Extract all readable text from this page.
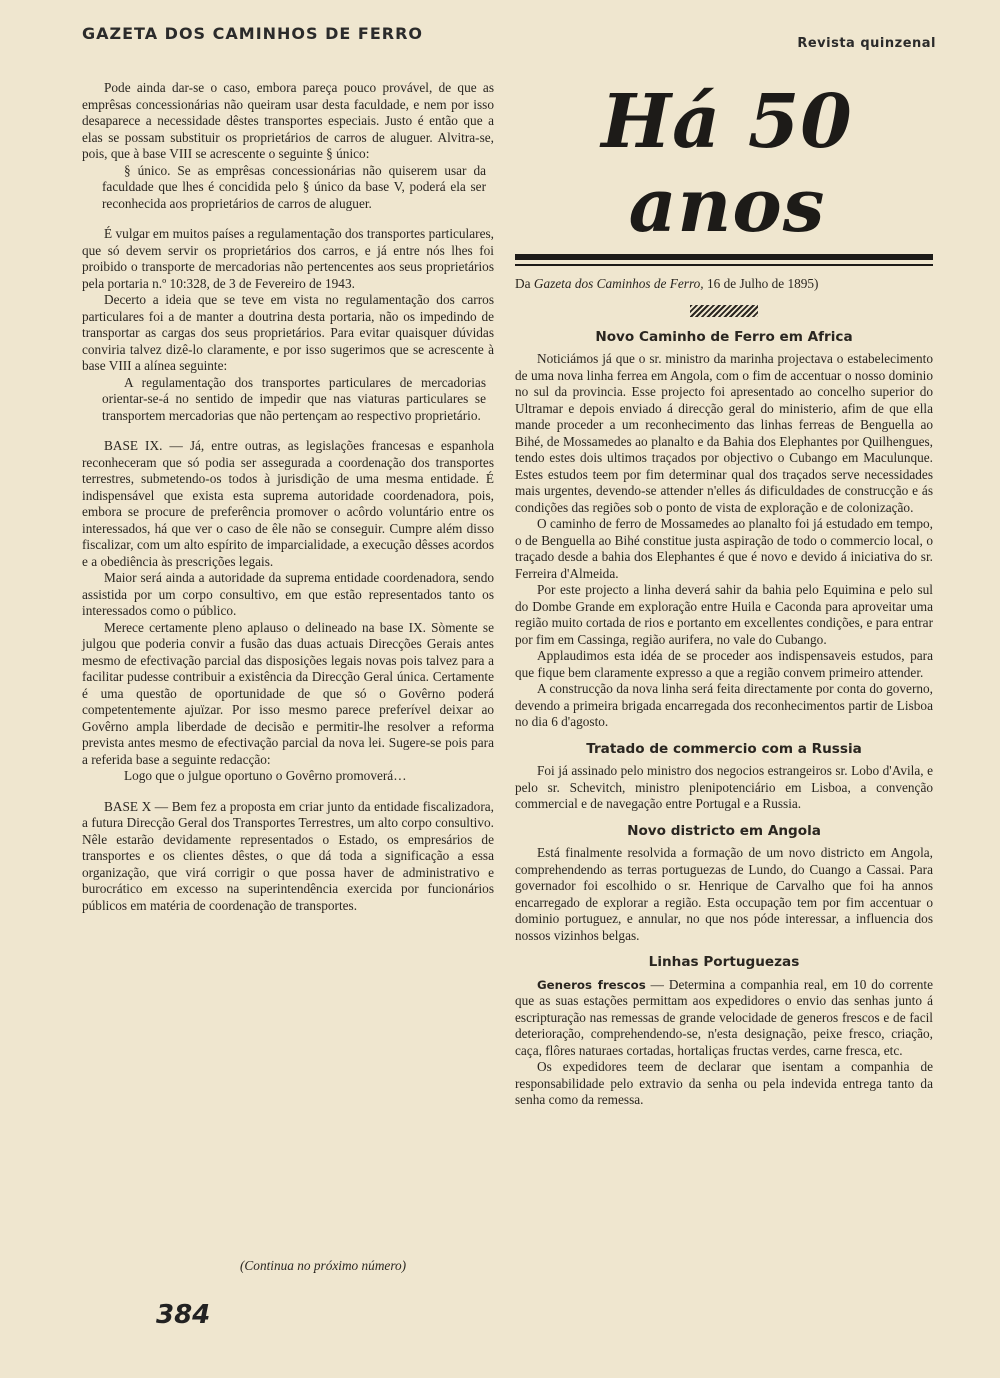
GAZETA DOS CAMINHOS DE FERRO
Revista quinzenal

Pode ainda dar-se o caso, embora pareça pouco provável, de que as emprêsas concessionárias não queiram usar desta faculdade, e nem por isso desaparece a necessidade dêstes transportes especiais. Justo é então que a elas se possam substituir os proprietários de carros de aluguer. Alvitra-se, pois, que à base VIII se acrescente o seguinte § único:

§ único. Se as emprêsas concessionárias não quiserem usar da faculdade que lhes é concidida pelo § único da base V, poderá ela ser reconhecida aos proprietários de carros de aluguer.

É vulgar em muitos países a regulamentação dos transportes particulares, que só devem servir os proprietários dos carros, e já entre nós lhes foi proibido o transporte de mercadorias não pertencentes aos seus proprietários pela portaria n.º 10:328, de 3 de Fevereiro de 1943.

Decerto a ideia que se teve em vista no regulamentação dos carros particulares foi a de manter a doutrina desta portaria, não os impedindo de transportar as cargas dos seus proprietários. Para evitar quaisquer dúvidas conviria talvez dizê-lo claramente, e por isso sugerimos que se acrescente à base VIII a alínea seguinte:

A regulamentação dos transportes particulares de mercadorias orientar-se-á no sentido de impedir que nas viaturas particulares se transportem mercadorias que não pertençam ao respectivo proprietário.

BASE IX. — Já, entre outras, as legislações francesas e espanhola reconheceram que só podia ser assegurada a coordenação dos transportes terrestres, submetendo-os todos à jurisdição de uma mesma entidade. É indispensável que exista esta suprema autoridade coordenadora, pois, embora se procure de preferência promover o acôrdo voluntário entre os interessados, há que ver o caso de êle não se conseguir. Cumpre além disso fiscalizar, com um alto espírito de imparcialidade, a execução dêsses acordos e a obediência às prescrições legais.

Maior será ainda a autoridade da suprema entidade coordenadora, sendo assistida por um corpo consultivo, em que estão representados tanto os interessados como o público.

Merece certamente pleno aplauso o delineado na base IX. Sòmente se julgou que poderia convir a fusão das duas actuais Direcções Gerais antes mesmo de efectivação parcial das disposições legais novas pois talvez para a facilitar pudesse contribuir a existência da Direcção Geral única. Certamente é uma questão de oportunidade de que só o Govêrno poderá competentemente ajuïzar. Por isso mesmo parece preferível deixar ao Govêrno ampla liberdade de decisão e permitir-lhe resolver a reforma prevista antes mesmo de efectivação parcial da nova lei. Sugere-se pois para a referida base a seguinte redacção:

Logo que o julgue oportuno o Govêrno promoverá…

BASE X — Bem fez a proposta em criar junto da entidade fiscalizadora, a futura Direcção Geral dos Transportes Terrestres, um alto corpo consultivo. Nêle estarão devidamente representados o Estado, os empresários de transportes e os clientes dêstes, o que dá toda a significação a essa organização, que virá corrigir o que possa haver de administrativo e burocrático em excesso na superintendência exercida por funcionários públicos em matéria de coordenação de transportes.

(Continua no próximo número)
Há 50 anos

Da Gazeta dos Caminhos de Ferro, 16 de Julho de 1895)

Novo Caminho de Ferro em Africa

Noticiámos já que o sr. ministro da marinha projectava o estabelecimento de uma nova linha ferrea em Angola, com o fim de accentuar o nosso dominio no sul da provincia. Esse projecto foi apresentado ao concelho superior do Ultramar e depois enviado á direcção geral do ministerio, afim de que ella mande proceder a um reconhecimento das linhas ferreas de Benguella ao Bihé, de Mossamedes ao planalto e da Bahia dos Elephantes por Quilhengues, tendo estes dois ultimos traçados por objectivo o Cubango em Maculunque. Estes estudos teem por fim determinar qual dos traçados serve necessidades mais urgentes, devendo-se attender n'elles ás dificuldades de construcção e ás condições das regiões sob o ponto de vista de exploração e de colonização.

O caminho de ferro de Mossamedes ao planalto foi já estudado em tempo, o de Benguella ao Bihé constitue justa aspiração de todo o commercio local, o traçado desde a bahia dos Elephantes é que é novo e devido á iniciativa do sr. Ferreira d'Almeida.

Por este projecto a linha deverá sahir da bahia pelo Equimina e pelo sul do Dombe Grande em exploração entre Huila e Caconda para aproveitar uma região muito cortada de rios e portanto em excellentes condições, e para entrar por fim em Cassinga, região aurifera, no vale do Cubango.

Applaudimos esta idéa de se proceder aos indispensaveis estudos, para que fique bem claramente expresso a que a região convem primeiro attender.

A construcção da nova linha será feita directamente por conta do governo, devendo a primeira brigada encarregada dos reconhecimentos partir de Lisboa no dia 6 d'agosto.

Tratado de commercio com a Russia

Foi já assinado pelo ministro dos negocios estrangeiros sr. Lobo d'Avila, e pelo sr. Schevitch, ministro plenipotenciário em Lisboa, a convenção commercial e de navegação entre Portugal e a Russia.

Novo districto em Angola

Está finalmente resolvida a formação de um novo districto em Angola, comprehendendo as terras portuguezas de Lundo, do Cuango a Cassai. Para governador foi escolhido o sr. Henrique de Carvalho que foi ha annos encarregado de explorar a região. Esta occupação tem por fim accentuar o dominio portuguez, e annular, no que nos póde interessar, a influencia dos nossos vizinhos belgas.

Linhas Portuguezas

Generos frescos — Determina a companhia real, em 10 do corrente que as suas estações permittam aos expedidores o envio das senhas junto á escripturação nas remessas de grande velocidade de generos frescos e de facil deterioração, comprehendendo-se, n'esta designação, peixe fresco, criação, caça, flôres naturaes cortadas, hortaliças fructas verdes, carne fresca, etc.

Os expedidores teem de declarar que isentam a companhia de responsabilidade pelo extravio da senha ou pela indevida entrega tanto da senha como da remessa.

384
